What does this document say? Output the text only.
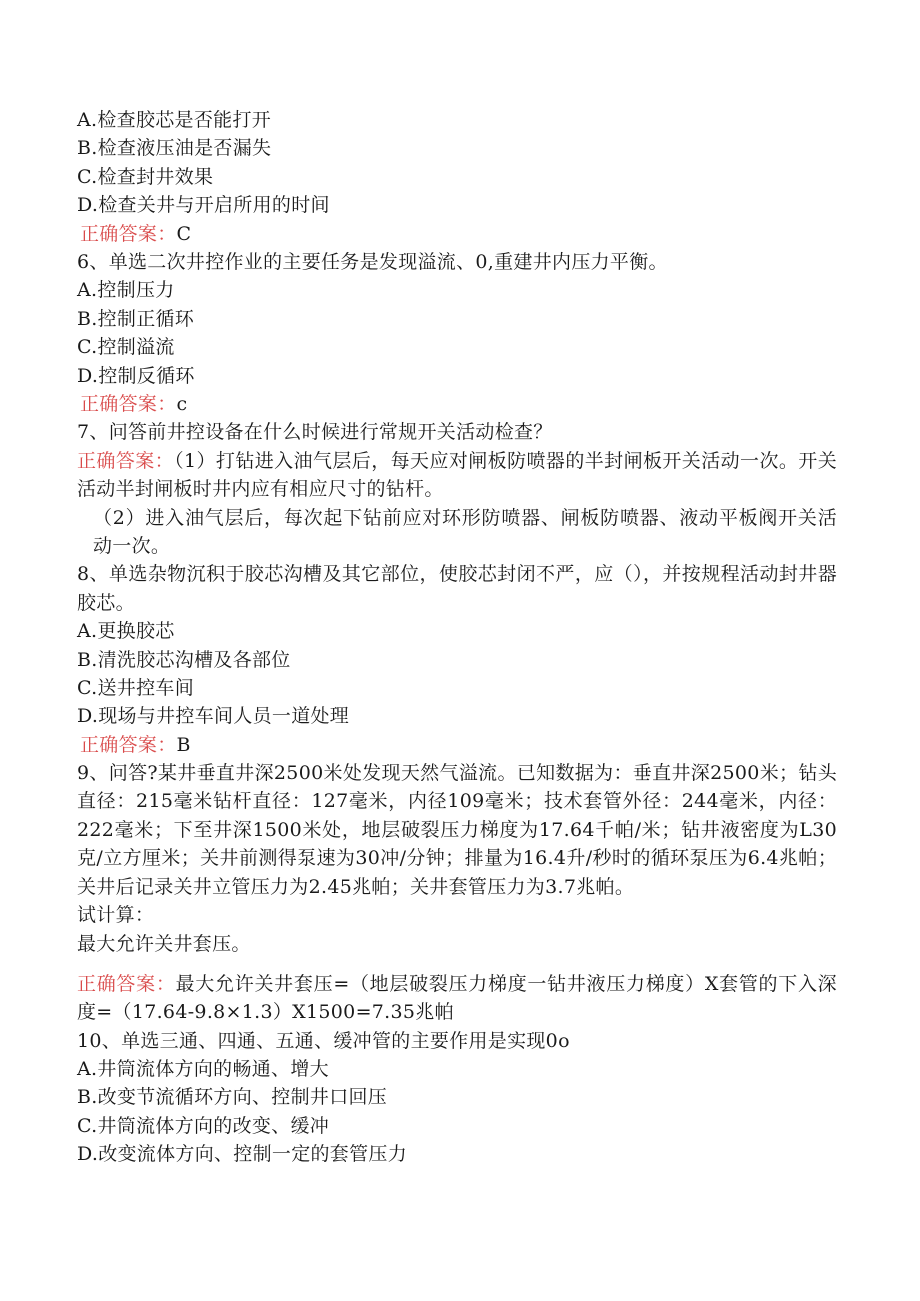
A.检查胶芯是否能打开
B.检查液压油是否漏失
C.检查封井效果
D.检查关井与开启所用的时间
正确答案：C
6、单选二次井控作业的主要任务是发现溢流、0,重建井内压力平衡。
A.控制压力
B.控制正循环
C.控制溢流
D.控制反循环
正确答案：c
7、问答前井控设备在什么时候进行常规开关活动检查？
正确答案：（1）打钻进入油气层后，每天应对闸板防喷器的半封闸板开关活动一次。开关活动半封闸板时井内应有相应尺寸的钻杆。
（2）进入油气层后，每次起下钻前应对环形防喷器、闸板防喷器、液动平板阀开关活动一次。
8、单选杂物沉积于胶芯沟槽及其它部位，使胶芯封闭不严，应（），并按规程活动封井器胶芯。
A.更换胶芯
B.清洗胶芯沟槽及各部位
C.送井控车间
D.现场与井控车间人员一道处理
正确答案：B
9、问答?某井垂直井深2500米处发现天然气溢流。已知数据为：垂直井深2500米；钻头直径：215毫米钻杆直径：127毫米，内径109毫米；技术套管外径：244毫米，内径：222毫米；下至井深1500米处，地层破裂压力梯度为17.64千帕/米；钻井液密度为L30克/立方厘米；关井前测得泵速为30冲/分钟；排量为16.4升/秒时的循环泵压为6.4兆帕；关井后记录关井立管压力为2.45兆帕；关井套管压力为3.7兆帕。
试计算：
最大允许关井套压。
正确答案：最大允许关井套压=（地层破裂压力梯度一钻井液压力梯度）X套管的下入深度=（17.64-9.8×1.3）X1500=7.35兆帕
10、单选三通、四通、五通、缓冲管的主要作用是实现0o
A.井筒流体方向的畅通、增大
B.改变节流循环方向、控制井口回压
C.井筒流体方向的改变、缓冲
D.改变流体方向、控制一定的套管压力
